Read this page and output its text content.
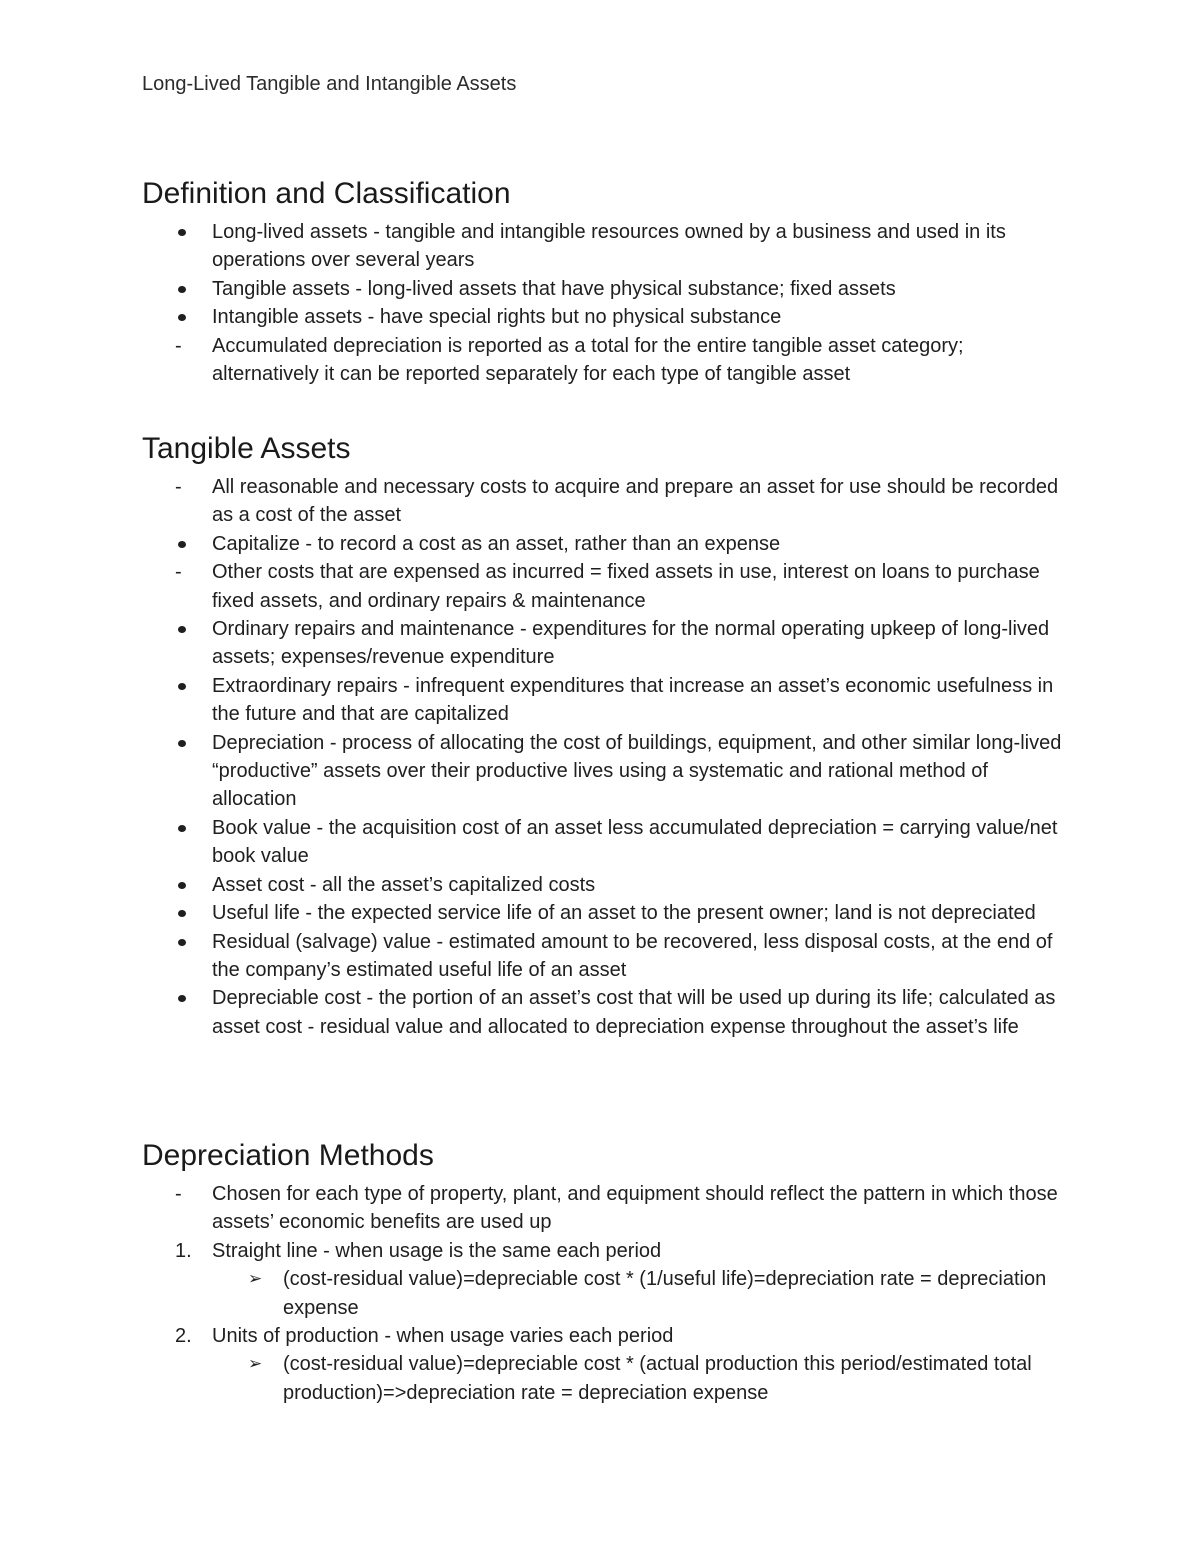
Long-Lived Tangible and Intangible Assets
Definition and Classification
Long-lived assets - tangible and intangible resources owned by a business and used in its operations over several years
Tangible assets - long-lived assets that have physical substance; fixed assets
Intangible assets - have special rights but no physical substance
-
Accumulated depreciation is reported as a total for the entire tangible asset category; alternatively it can be reported separately for each type of tangible asset
Tangible Assets
-
All reasonable and necessary costs to acquire and prepare an asset for use should be recorded as a cost of the asset
Capitalize - to record a cost as an asset, rather than an expense
-
Other costs that are expensed as incurred = fixed assets in use, interest on loans to purchase fixed assets, and ordinary repairs & maintenance
Ordinary repairs and maintenance - expenditures for the normal operating upkeep of long-lived assets; expenses/revenue expenditure
Extraordinary repairs - infrequent expenditures that increase an asset’s economic usefulness in the future and that are capitalized
Depreciation - process of allocating the cost of buildings, equipment, and other similar long-lived “productive” assets over their productive lives using a systematic and rational method of allocation
Book value - the acquisition cost of an asset less accumulated depreciation = carrying value/net book value
Asset cost - all the asset’s capitalized costs
Useful life - the expected service life of an asset to the present owner; land is not depreciated
Residual (salvage) value - estimated amount to be recovered, less disposal costs, at the end of the company’s estimated useful life of an asset
Depreciable cost - the portion of an asset’s cost that will be used up during its life; calculated as asset cost - residual value and allocated to depreciation expense throughout the asset’s life
Depreciation Methods
-
Chosen for each type of property, plant, and equipment should reflect the pattern in which those assets’ economic benefits are used up
1. Straight line - when usage is the same each period
➢
(cost-residual value)=depreciable cost * (1/useful life)=depreciation rate = depreciation expense
2. Units of production - when usage varies each period
➢
(cost-residual value)=depreciable cost * (actual production this period/estimated total production)=>depreciation rate = depreciation expense
